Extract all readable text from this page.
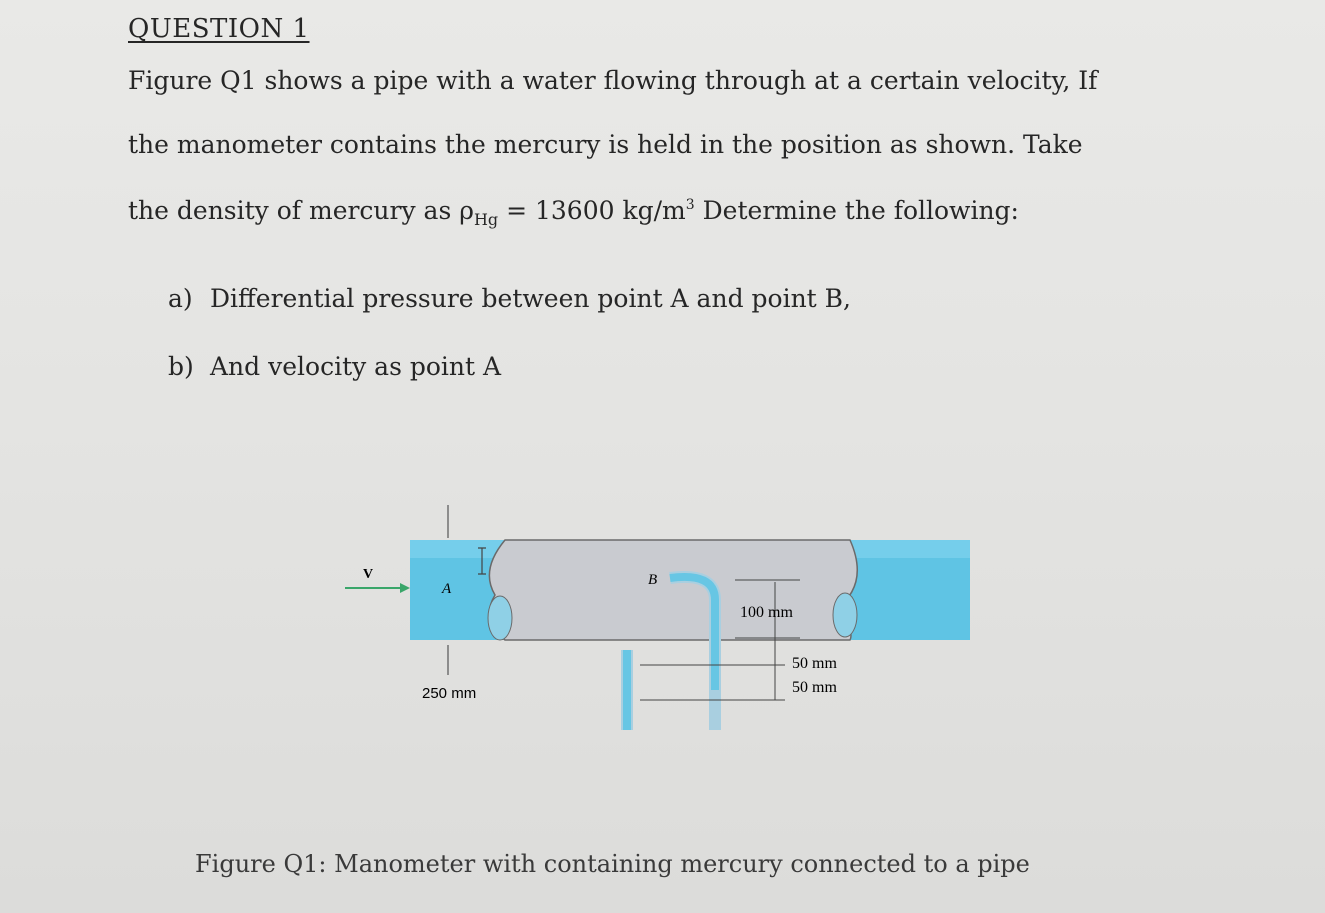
QUESTION 1
Figure Q1 shows a pipe with a water flowing through at a certain velocity, If
the manometer contains the mercury is held in the position as shown. Take
the density of mercury as $\rho_{Hg} = 13600$ $kg/m^3$ Determine the following:
a) Differential pressure between point A and point B,
b) And velocity as point A
V
A
250 mm
B
100 mm
50 mm
50 mm
Figure Q1: Manometer with containing mercury connected to a pipe
